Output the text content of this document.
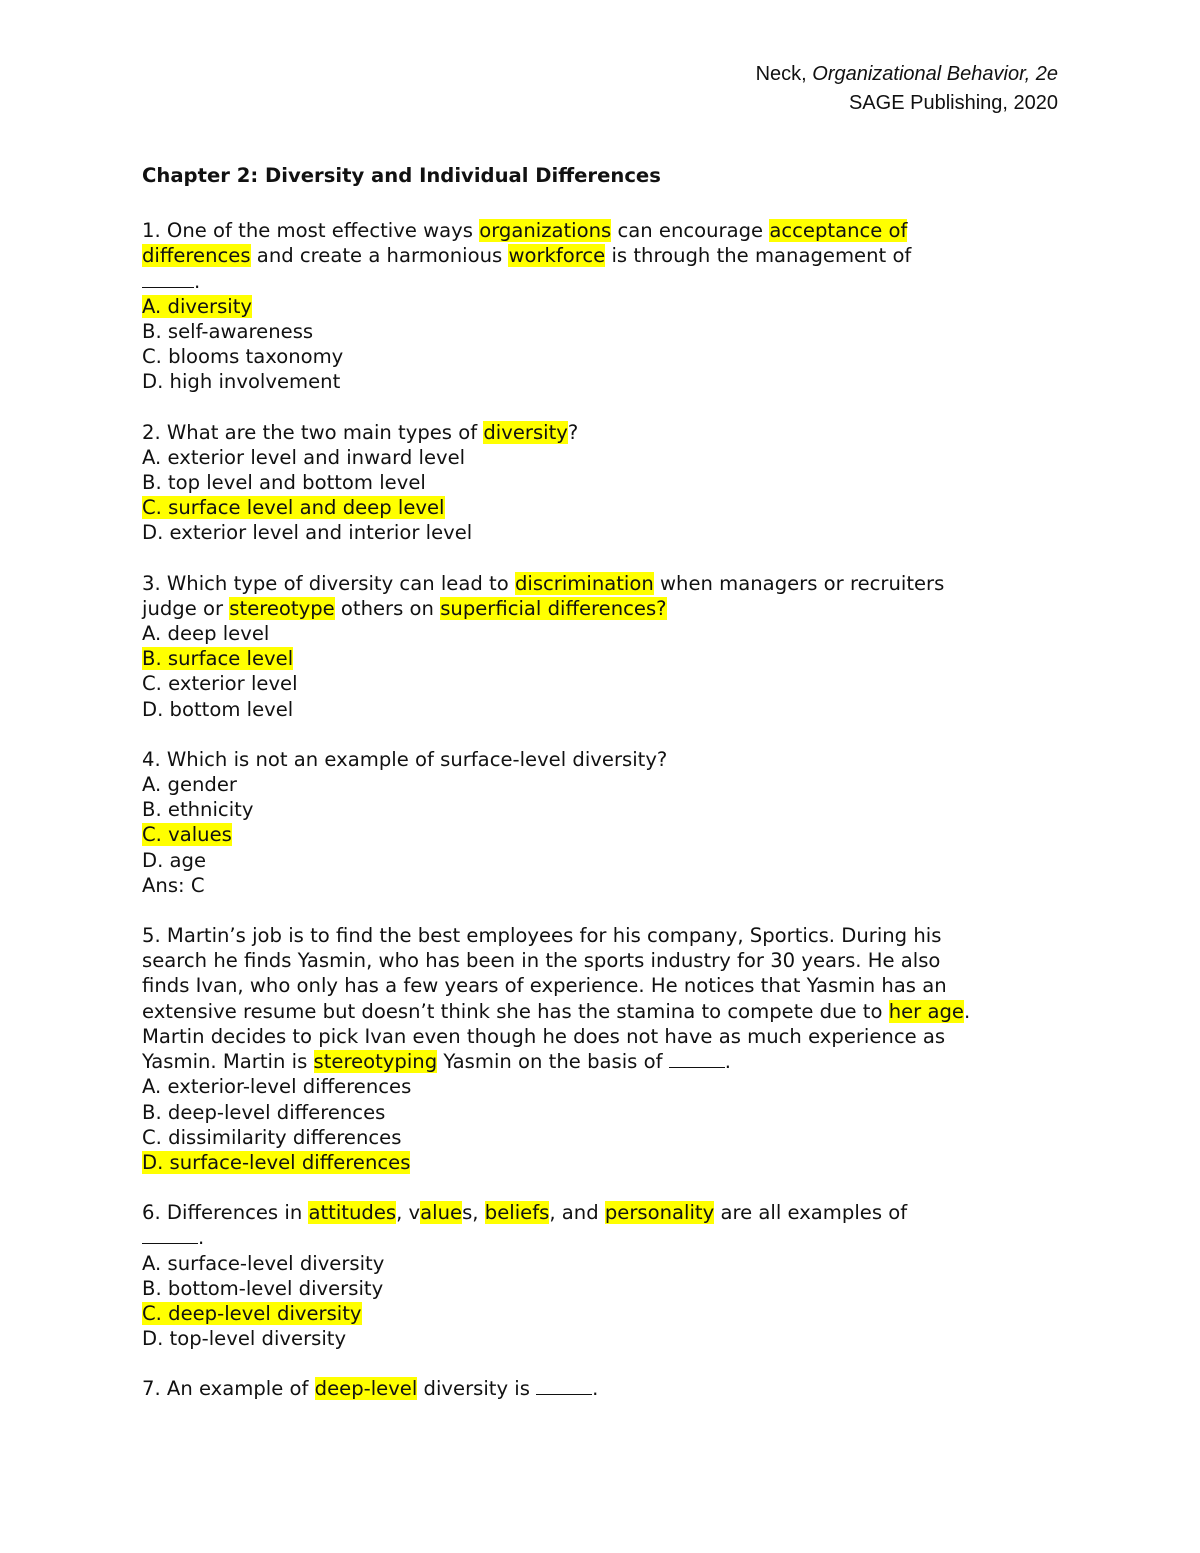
Neck, Organizational Behavior, 2e
SAGE Publishing, 2020
Chapter 2: Diversity and Individual Differences
1. One of the most effective ways organizations can encourage acceptance of
differences and create a harmonious workforce is through the management of
.
A. diversity
B. self-awareness
C. blooms taxonomy
D. high involvement
2. What are the two main types of diversity?
A. exterior level and inward level
B. top level and bottom level
C. surface level and deep level
D. exterior level and interior level
3. Which type of diversity can lead to discrimination when managers or recruiters
judge or stereotype others on superficial differences?
A. deep level
B. surface level
C. exterior level
D. bottom level
4. Which is not an example of surface-level diversity?
A. gender
B. ethnicity
C. values
D. age
Ans: C
5. Martin’s job is to find the best employees for his company, Sportics. During his
search he finds Yasmin, who has been in the sports industry for 30 years. He also
finds Ivan, who only has a few years of experience. He notices that Yasmin has an
extensive resume but doesn’t think she has the stamina to compete due to her age.
Martin decides to pick Ivan even though he does not have as much experience as
Yasmin. Martin is stereotyping Yasmin on the basis of	.
A. exterior-level differences
B. deep-level differences
C. dissimilarity differences
D. surface-level differences
6. Differences in attitudes, values, beliefs, and personality are all examples of
.
A. surface-level diversity
B. bottom-level diversity
C. deep-level diversity
D. top-level diversity
7. An example of deep-level diversity is	.
